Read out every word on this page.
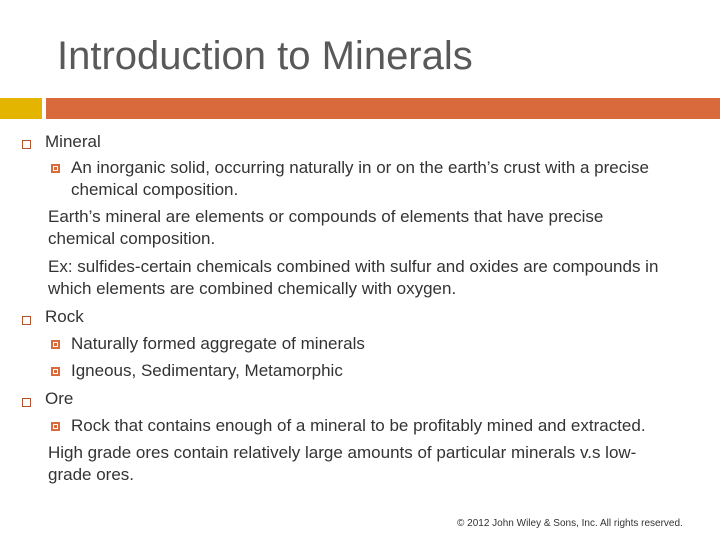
Introduction to Minerals
Mineral
An inorganic solid, occurring naturally in or on the earth’s crust with a precise
chemical composition.
Earth’s mineral are elements or compounds of elements that have precise
chemical composition.
Ex: sulfides-certain chemicals combined with sulfur and oxides are compounds in
which elements are combined chemically with oxygen.
Rock
Naturally formed aggregate of minerals
Igneous, Sedimentary, Metamorphic
Ore
Rock that contains enough of a mineral to be profitably mined and extracted.
High grade ores contain relatively large amounts of particular minerals v.s low-
grade ores.
© 2012 John Wiley & Sons, Inc. All rights reserved.
